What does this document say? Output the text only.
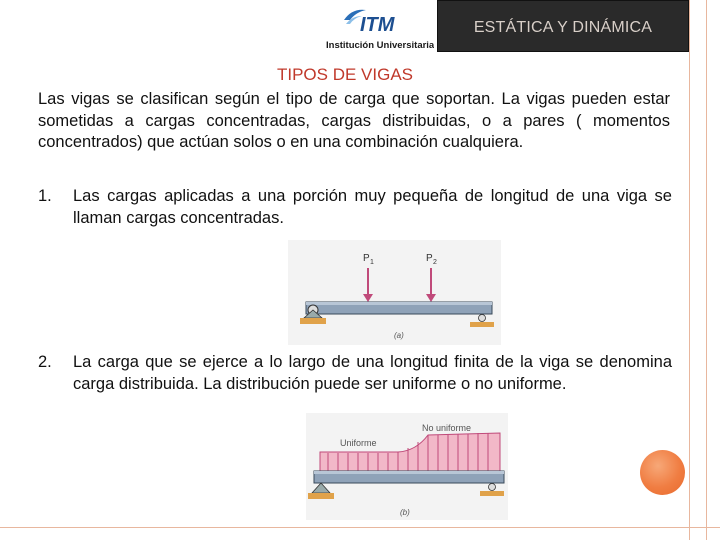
ITM
Institución Universitaria
ESTÁTICA Y DINÁMICA
TIPOS DE VIGAS
Las vigas se clasifican según el tipo de carga que soportan. La vigas pueden estar sometidas a cargas concentradas, cargas distribuidas, o a pares ( momentos concentrados) que actúan solos o en una combinación cualquiera.
1. Las cargas aplicadas a una porción muy pequeña de longitud de una viga se llaman cargas concentradas.
P 1	P 2
(a)
2. La carga que se ejerce a lo largo de una longitud finita de la viga se denomina carga distribuida. La distribución puede ser uniforme o no uniforme.
Uniforme
No uniforme
(b)
